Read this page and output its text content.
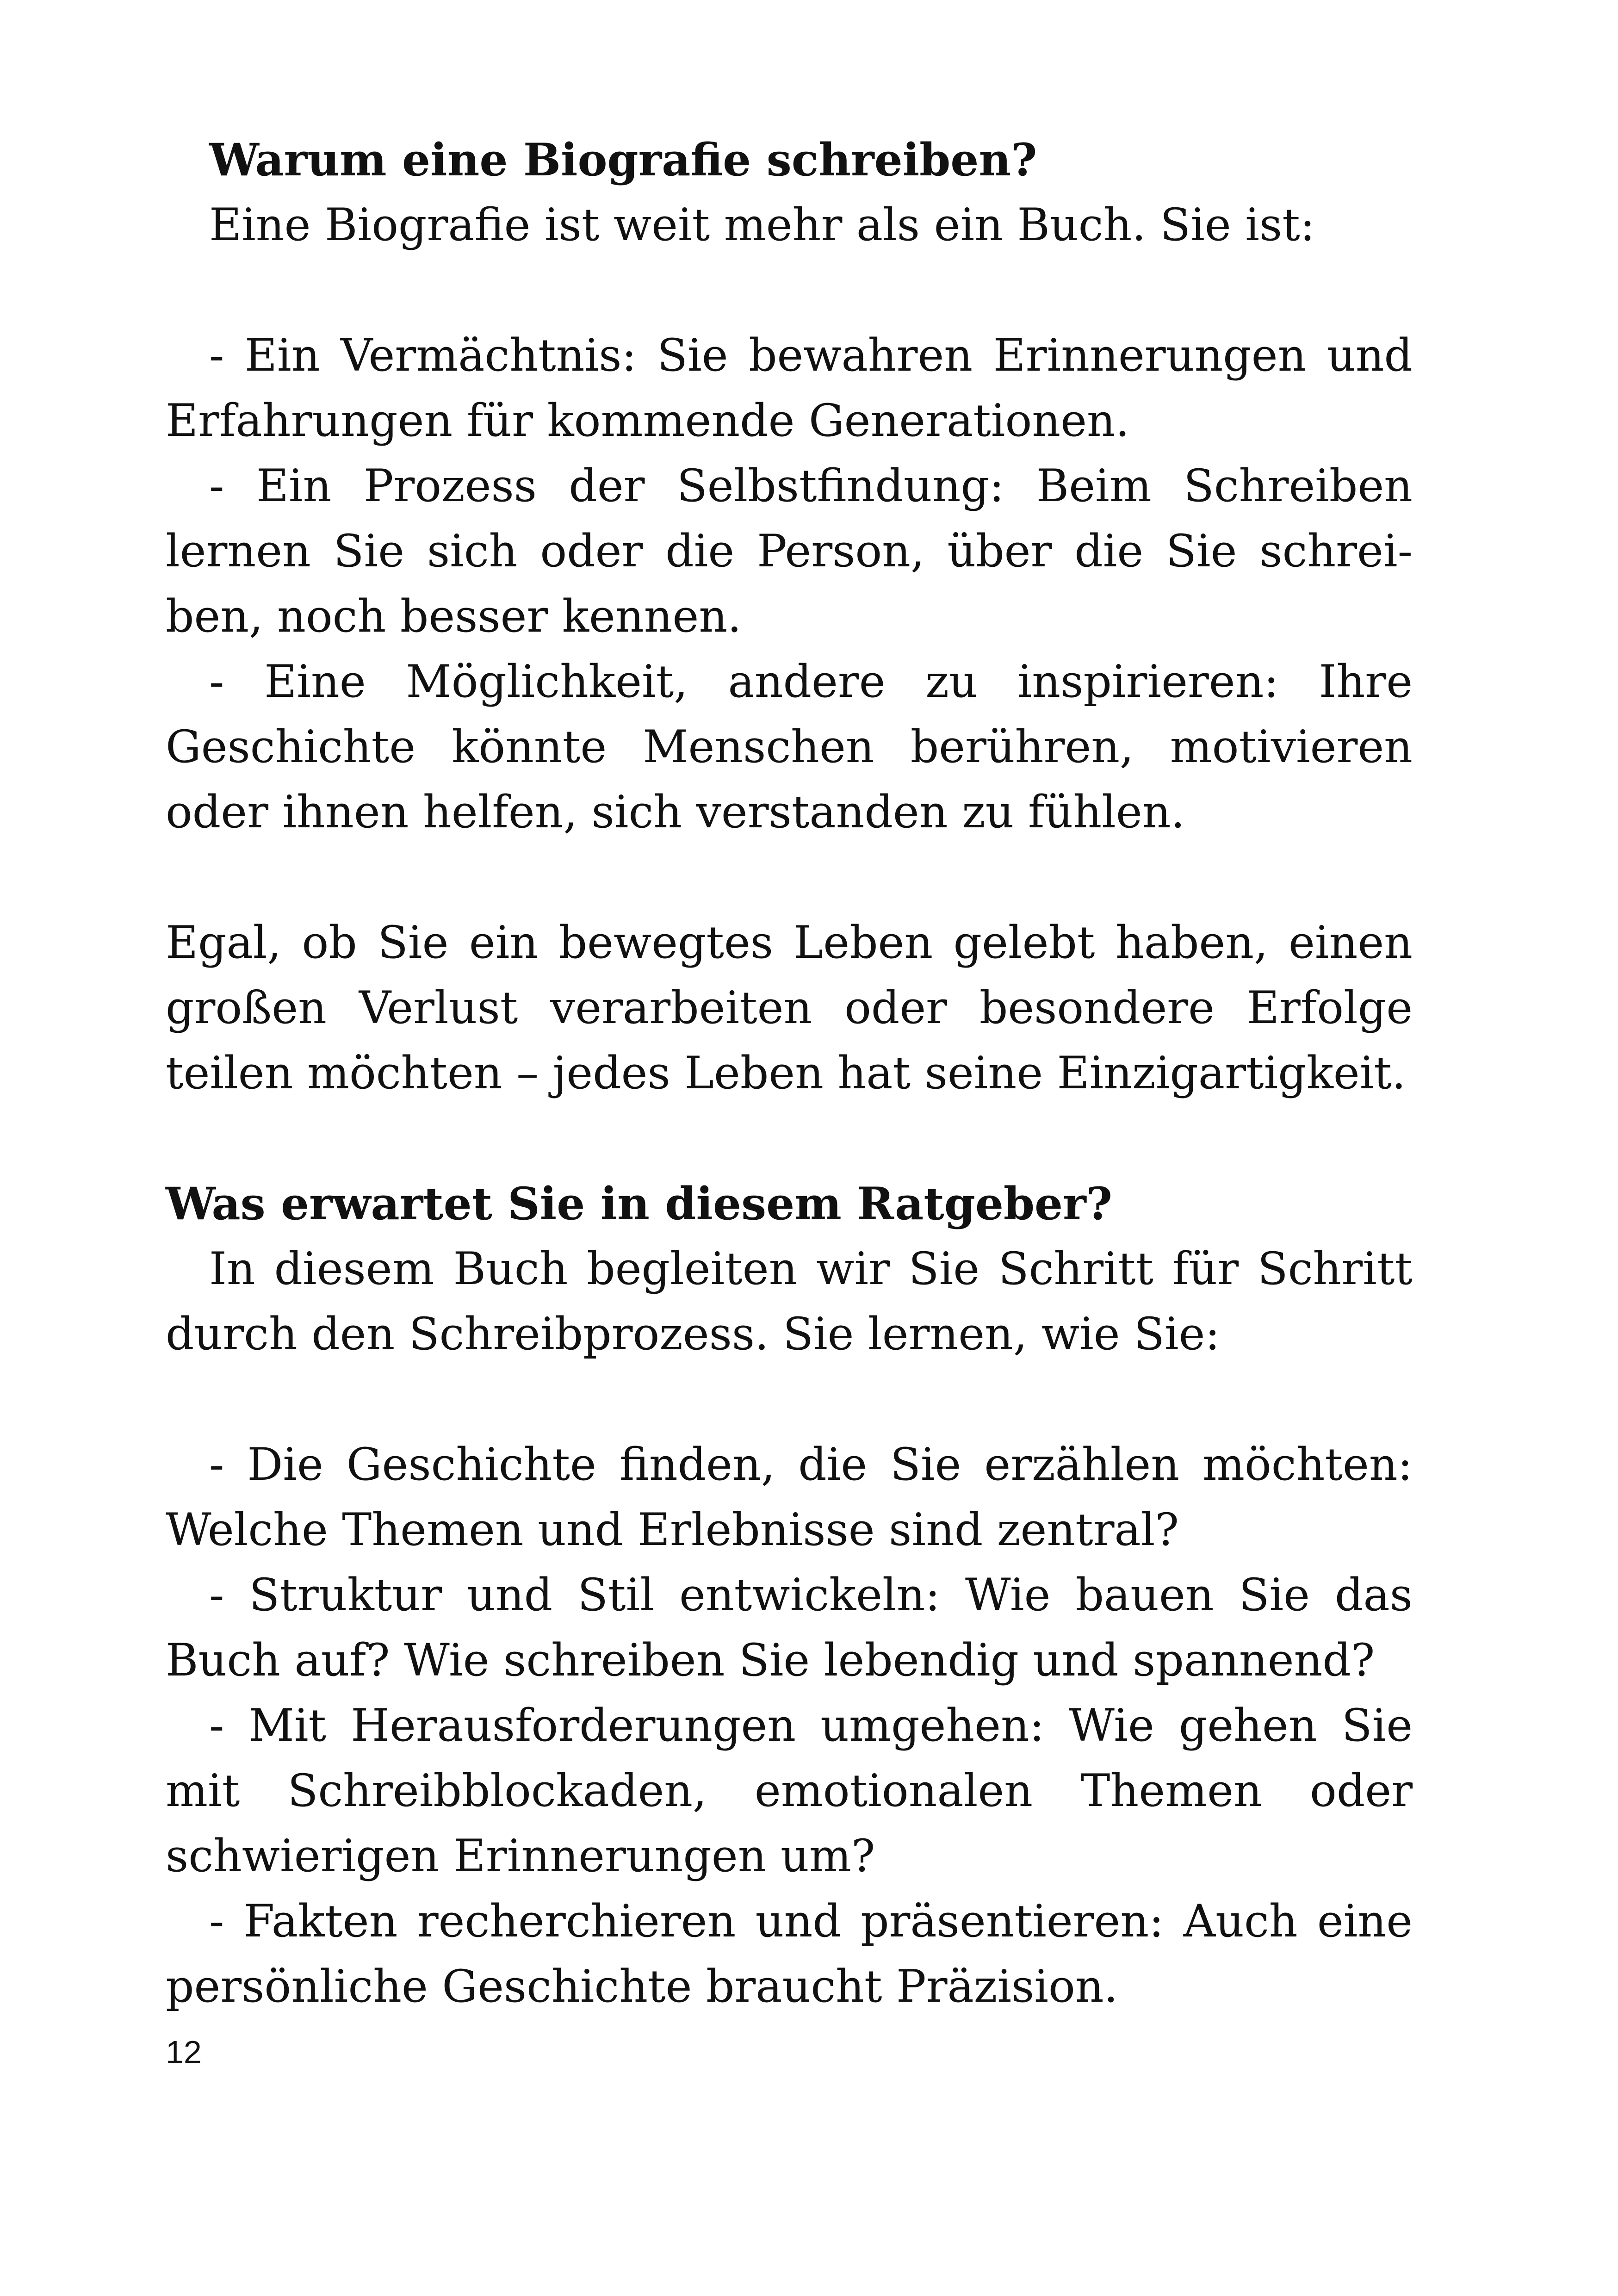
Warum eine Biografie schreiben?

Eine Biografie ist weit mehr als ein Buch. Sie ist:

- Ein Vermächtnis: Sie bewahren Erinnerungen und Erfahrungen für kommende Generationen.

- Ein Prozess der Selbstfindung: Beim Schreiben lernen Sie sich oder die Person, über die Sie schreiben, noch besser kennen.

- Eine Möglichkeit, andere zu inspirieren: Ihre Geschichte könnte Menschen berühren, motivieren oder ihnen helfen, sich verstanden zu fühlen.

Egal, ob Sie ein bewegtes Leben gelebt haben, einen großen Verlust verarbeiten oder besondere Erfolge teilen möchten – jedes Leben hat seine Einzigartigkeit.

Was erwartet Sie in diesem Ratgeber?

In diesem Buch begleiten wir Sie Schritt für Schritt durch den Schreibprozess. Sie lernen, wie Sie:

- Die Geschichte finden, die Sie erzählen möchten: Welche Themen und Erlebnisse sind zentral?

- Struktur und Stil entwickeln: Wie bauen Sie das Buch auf? Wie schreiben Sie lebendig und spannend?

- Mit Herausforderungen umgehen: Wie gehen Sie mit Schreibblockaden, emotionalen Themen oder schwierigen Erinnerungen um?

- Fakten recherchieren und präsentieren: Auch eine persönliche Geschichte braucht Präzision.

12
